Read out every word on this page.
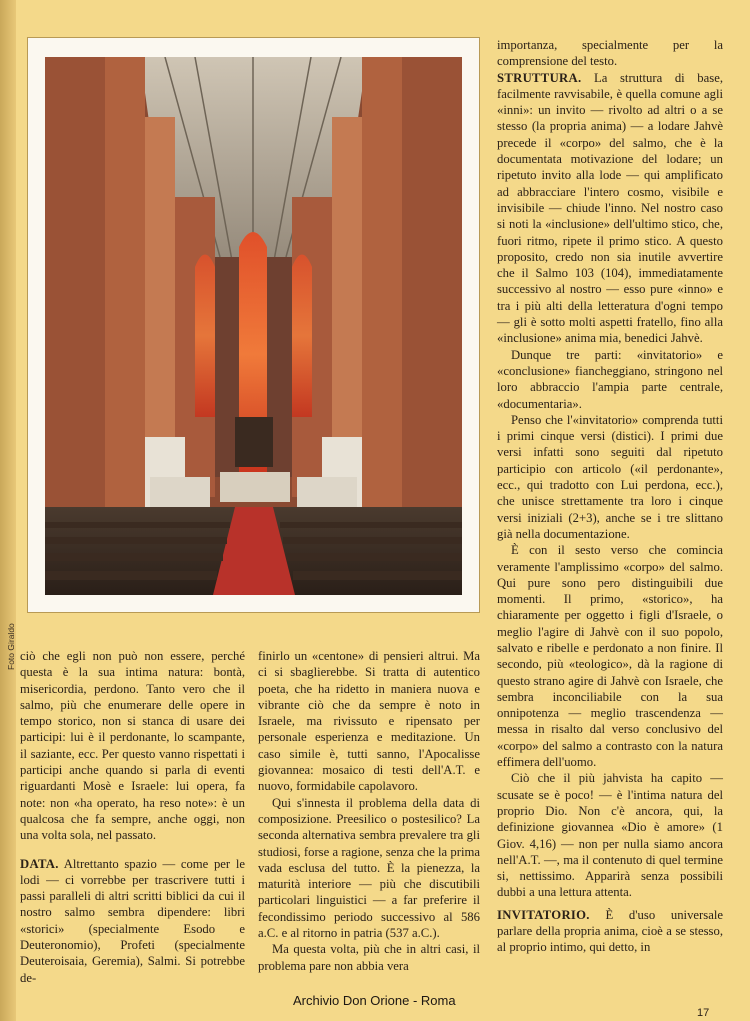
Foto Giraldo

importanza, specialmente per la comprensione del testo.

STRUTTURA. La struttura di base, facilmente ravvisabile, è quella comune agli «inni»: un invito — rivolto ad altri o a se stesso (la propria anima) — a lodare Jahvè precede il «corpo» del salmo, che è la documentata motivazione del lodare; un ripetuto invito alla lode — qui amplificato ad abbracciare l'intero cosmo, visibile e invisibile — chiude l'inno. Nel nostro caso si noti la «inclusione» dell'ultimo stico, che, fuori ritmo, ripete il primo stico. A questo proposito, credo non sia inutile avvertire che il Salmo 103 (104), immediatamente successivo al nostro — esso pure «inno» e tra i più alti della letteratura d'ogni tempo — gli è sotto molti aspetti fratello, fino alla «inclusione» anima mia, benedici Jahvè.

Dunque tre parti: «invitatorio» e «conclusione» fiancheggiano, stringono nel loro abbraccio l'ampia parte centrale, «documentaria».

Penso che l'«invitatorio» comprenda tutti i primi cinque versi (distici). I primi due versi infatti sono seguiti dal ripetuto participio con articolo («il perdonante», ecc., qui tradotto con Lui perdona, ecc.), che unisce strettamente tra loro i cinque versi iniziali (2+3), anche se i tre slittano già nella documentazione.

È con il sesto verso che comincia veramente l'amplissimo «corpo» del salmo. Qui pure sono pero distinguibili due momenti. Il primo, «storico», ha chiaramente per oggetto i figli d'Israele, o meglio l'agire di Jahvè con il suo popolo, salvato e ribelle e perdonato a non finire. Il secondo, più «teologico», dà la ragione di questo strano agire di Jahvè con Israele, che sembra inconciliabile con la sua onnipotenza — meglio trascendenza — messa in risalto dal verso conclusivo del «corpo» del salmo a contrasto con la natura effimera dell'uomo.

Ciò che il più jahvista ha capito — scusate se è poco! — è l'intima natura del proprio Dio. Non c'è ancora, qui, la definizione giovannea «Dio è amore» (1 Giov. 4,16) — non per nulla siamo ancora nell'A.T. —, ma il contenuto di quel termine si, nettissimo. Apparirà senza possibili dubbi a una lettura attenta.

INVITATORIO. È d'uso universale parlare della propria anima, cioè a se stesso, al proprio intimo, qui detto, in

ciò che egli non può non essere, perché questa è la sua intima natura: bontà, misericordia, perdono. Tanto vero che il salmo, più che enumerare delle opere in tempo storico, non si stanca di usare dei participi: lui è il perdonante, lo scampante, il saziante, ecc. Per questo vanno rispettati i participi anche quando si parla di eventi riguardanti Mosè e Israele: lui opera, fa note: non «ha operato, ha reso note»: è un qualcosa che fa sempre, anche oggi, non una volta sola, nel passato.

DATA. Altrettanto spazio — come per le lodi — ci vorrebbe per trascrivere tutti i passi paralleli di altri scritti biblici da cui il nostro salmo sembra dipendere: libri «storici» (specialmente Esodo e Deuteronomio), Profeti (specialmente Deuteroisaia, Geremia), Salmi. Si potrebbe de-

finirlo un «centone» di pensieri altrui. Ma ci si sbaglierebbe. Si tratta di autentico poeta, che ha ridetto in maniera nuova e vibrante ciò che da sempre è noto in Israele, ma rivissuto e ripensato per personale esperienza e meditazione. Un caso simile è, tutti sanno, l'Apocalisse giovannea: mosaico di testi dell'A.T. e nuovo, formidabile capolavoro.

Qui s'innesta il problema della data di composizione. Preesilico o postesilico? La seconda alternativa sembra prevalere tra gli studiosi, forse a ragione, senza che la prima vada esclusa del tutto. È la pienezza, la maturità interiore — più che discutibili particolari linguistici — a far preferire il fecondissimo periodo successivo al 586 a.C. e al ritorno in patria (537 a.C.).

Ma questa volta, più che in altri casi, il problema pare non abbia vera

Archivio Don Orione - Roma
17
